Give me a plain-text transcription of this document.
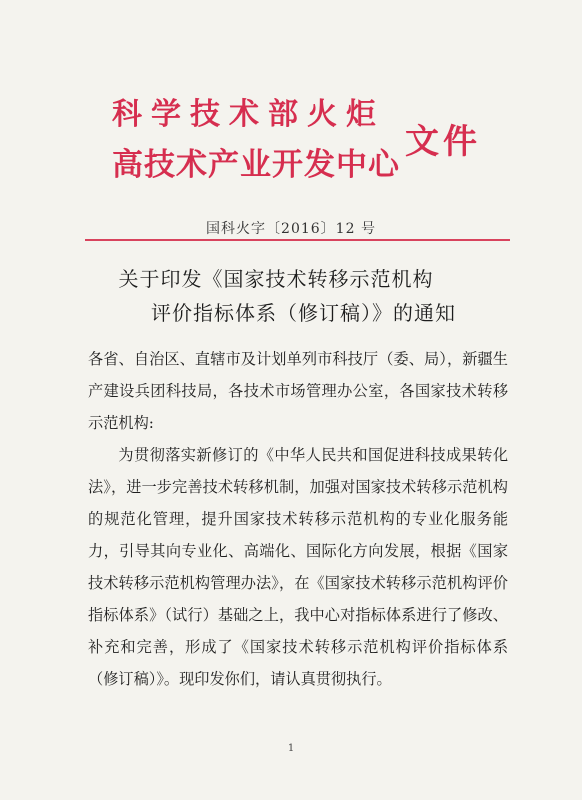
科学技术部火炬
高技术产业开发中心
文件
国科火字〔2016〕12 号
关于印发《国家技术转移示范机构
评价指标体系（修订稿）》的通知

各省、自治区、直辖市及计划单列市科技厅（委、局），新疆生产建设兵团科技局，各技术市场管理办公室，各国家技术转移示范机构:

为贯彻落实新修订的《中华人民共和国促进科技成果转化法》，进一步完善技术转移机制，加强对国家技术转移示范机构的规范化管理，提升国家技术转移示范机构的专业化服务能力，引导其向专业化、高端化、国际化方向发展，根据《国家技术转移示范机构管理办法》，在《国家技术转移示范机构评价指标体系》（试行）基础之上，我中心对指标体系进行了修改、补充和完善，形成了《国家技术转移示范机构评价指标体系（修订稿）》。现印发你们，请认真贯彻执行。

1
